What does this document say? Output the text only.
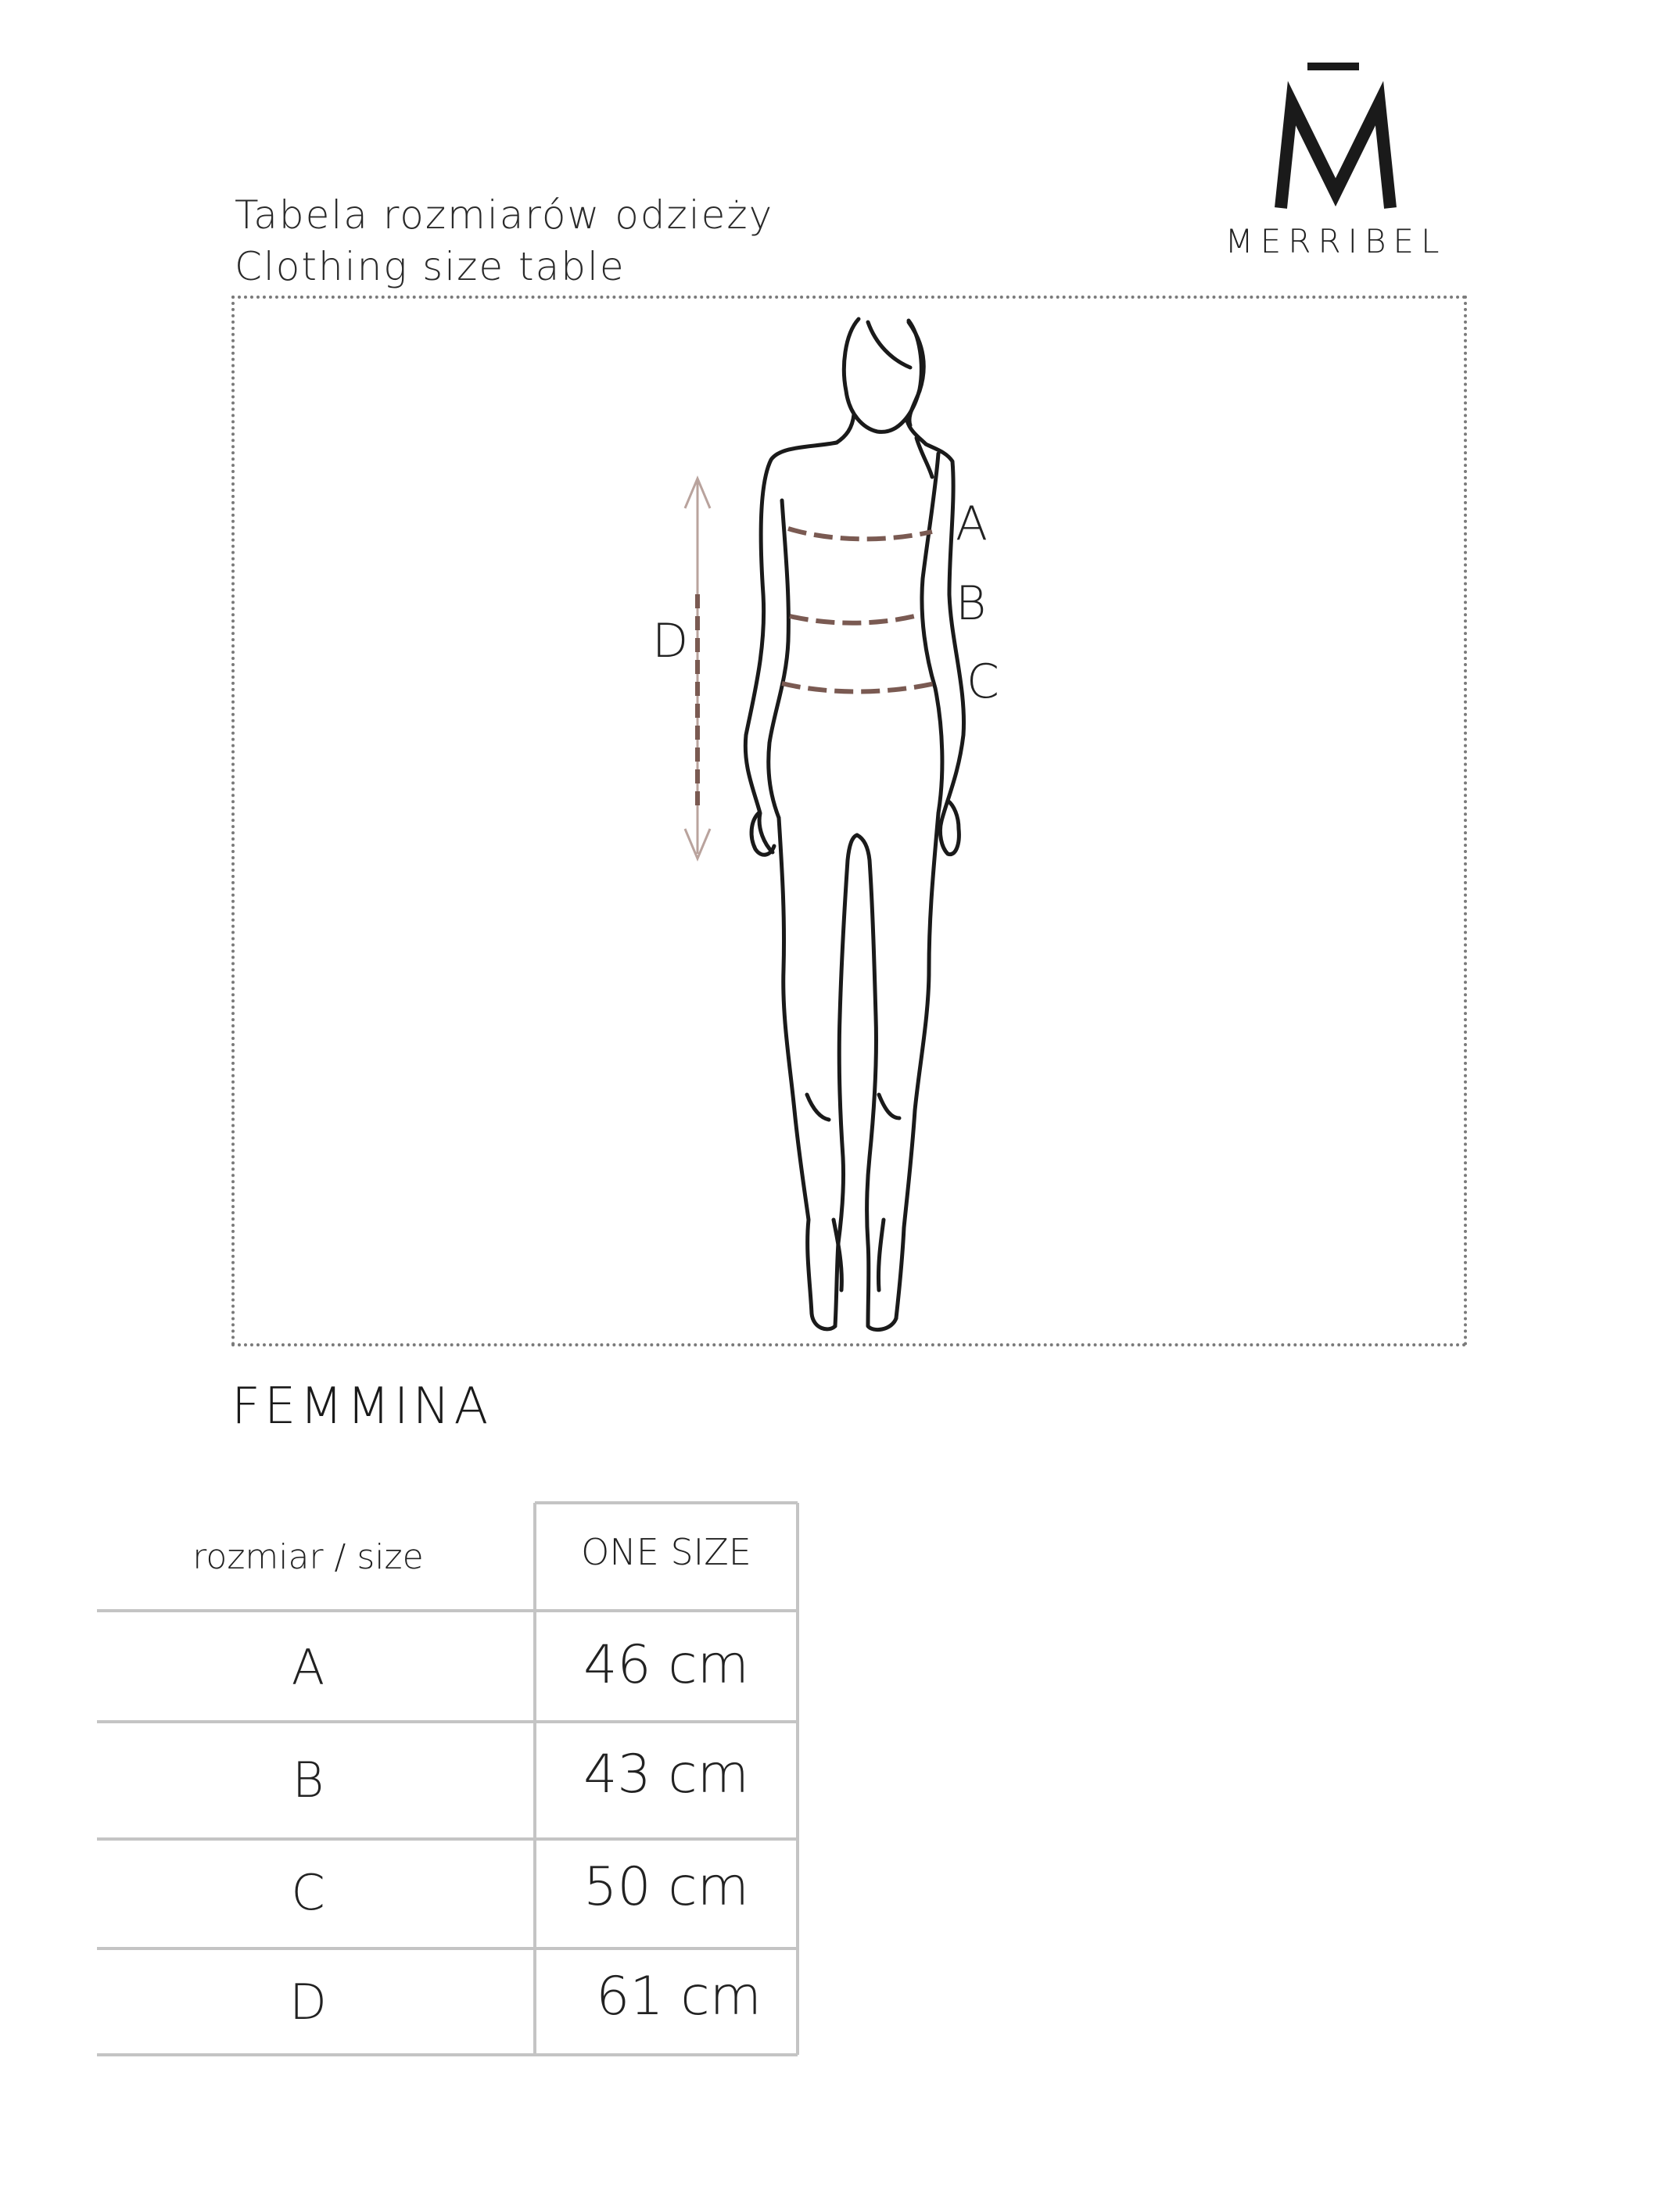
MERRIBEL
Tabela rozmiarów odzieży
Clothing size table
A
B
C
D
FEMMINA
rozmiar / size	ONE SIZE
A	46 cm
B	43 cm
C	50 cm
D	61 cm
